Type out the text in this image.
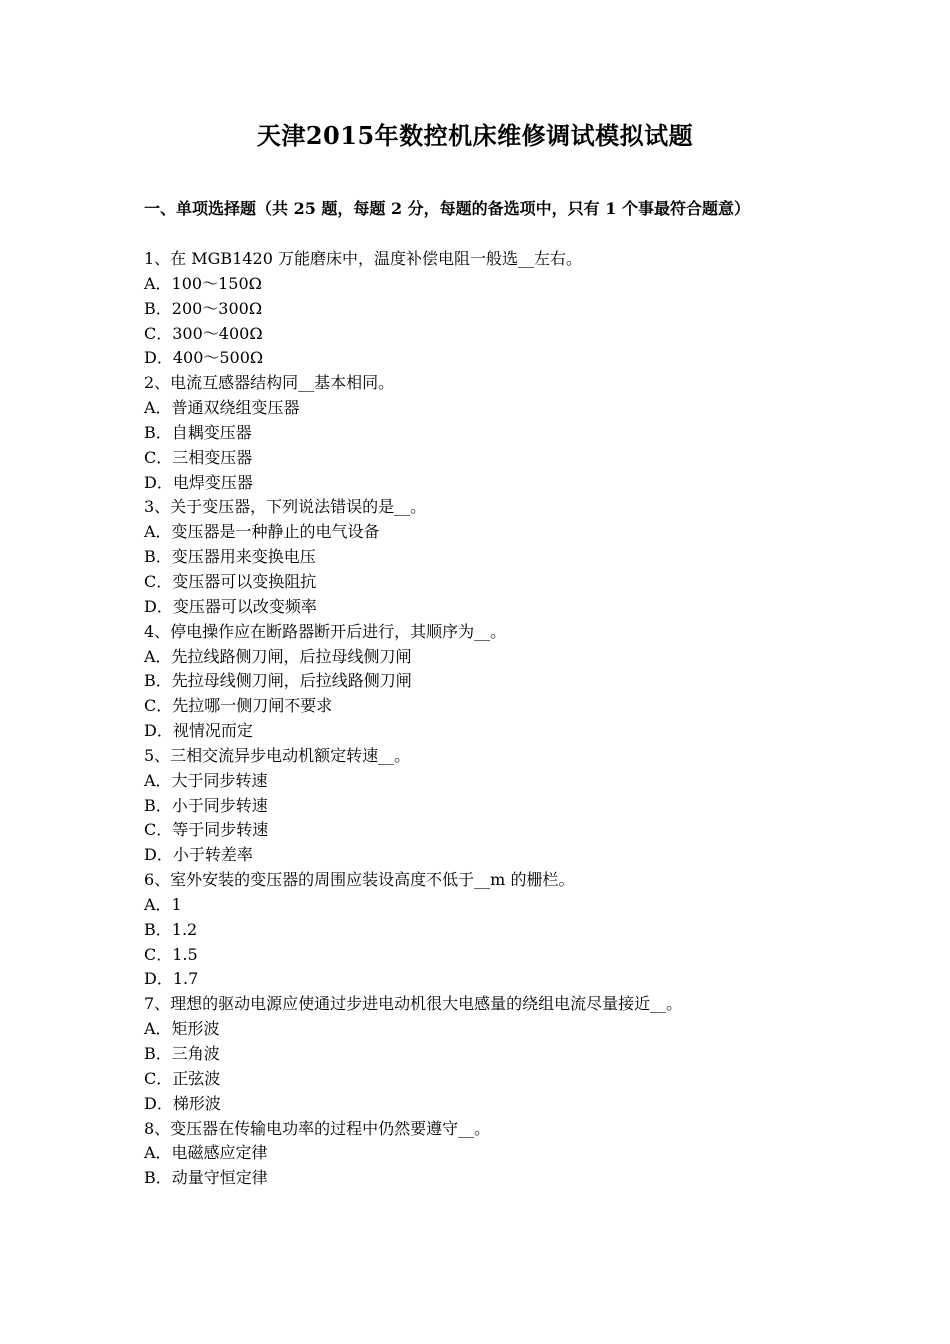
天津2015年数控机床维修调试模拟试题
一、单项选择题（共 25 题，每题 2 分，每题的备选项中，只有 1 个事最符合题意）
1、在 MGB1420 万能磨床中，温度补偿电阻一般选__左右。
A．100～150Ω
B．200～300Ω
C．300～400Ω
D．400～500Ω
2、电流互感器结构同__基本相同。
A．普通双绕组变压器
B．自耦变压器
C．三相变压器
D．电焊变压器
3、关于变压器，下列说法错误的是__。
A．变压器是一种静止的电气设备
B．变压器用来变换电压
C．变压器可以变换阻抗
D．变压器可以改变频率
4、停电操作应在断路器断开后进行，其顺序为__。
A．先拉线路侧刀闸，后拉母线侧刀闸
B．先拉母线侧刀闸，后拉线路侧刀闸
C．先拉哪一侧刀闸不要求
D．视情况而定
5、三相交流异步电动机额定转速__。
A．大于同步转速
B．小于同步转速
C．等于同步转速
D．小于转差率
6、室外安装的变压器的周围应装设高度不低于__m 的栅栏。
A．1
B．1.2
C．1.5
D．1.7
7、理想的驱动电源应使通过步进电动机很大电感量的绕组电流尽量接近__。
A．矩形波
B．三角波
C．正弦波
D．梯形波
8、变压器在传输电功率的过程中仍然要遵守__。
A．电磁感应定律
B．动量守恒定律
